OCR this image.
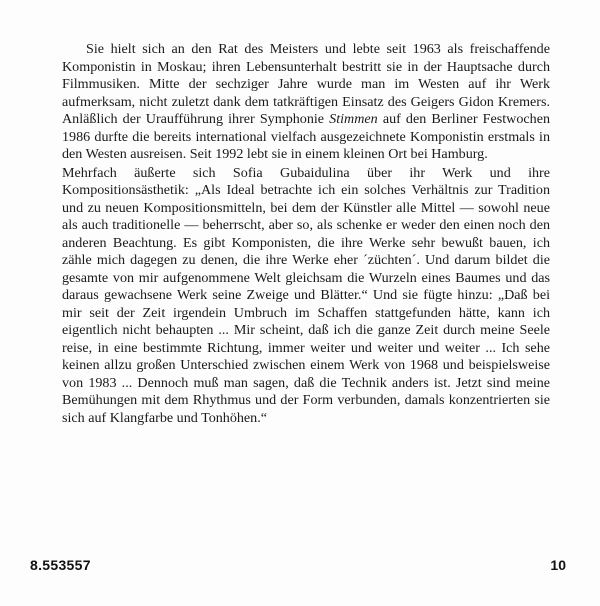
Sie hielt sich an den Rat des Meisters und lebte seit 1963 als freischaffende Komponistin in Moskau; ihren Lebensunterhalt bestritt sie in der Hauptsache durch Filmmusiken. Mitte der sechziger Jahre wurde man im Westen auf ihr Werk aufmerksam, nicht zuletzt dank dem tatkräftigen Einsatz des Geigers Gidon Kremers. Anläßlich der Uraufführung ihrer Symphonie Stimmen auf den Berliner Festwochen 1986 durfte die bereits international vielfach ausgezeichnete Komponistin erstmals in den Westen ausreisen. Seit 1992 lebt sie in einem kleinen Ort bei Hamburg.

Mehrfach äußerte sich Sofia Gubaidulina über ihr Werk und ihre Kompositionsästhetik: „Als Ideal betrachte ich ein solches Verhältnis zur Tradition und zu neuen Kompositionsmitteln, bei dem der Künstler alle Mittel — sowohl neue als auch traditionelle — beherrscht, aber so, als schenke er weder den einen noch den anderen Beachtung. Es gibt Komponisten, die ihre Werke sehr bewußt bauen, ich zähle mich dagegen zu denen, die ihre Werke eher ´züchten´. Und darum bildet die gesamte von mir aufgenommene Welt gleichsam die Wurzeln eines Baumes und das daraus gewachsene Werk seine Zweige und Blätter.“ Und sie fügte hinzu: „Daß bei mir seit der Zeit irgendein Umbruch im Schaffen stattgefunden hätte, kann ich eigentlich nicht behaupten ... Mir scheint, daß ich die ganze Zeit durch meine Seele reise, in eine bestimmte Richtung, immer weiter und weiter und weiter ... Ich sehe keinen allzu großen Unterschied zwischen einem Werk von 1968 und beispielsweise von 1983 ... Dennoch muß man sagen, daß die Technik anders ist. Jetzt sind meine Bemühungen mit dem Rhythmus und der Form verbunden, damals konzentrierten sie sich auf Klangfarbe und Tonhöhen.“

8.553557	10
